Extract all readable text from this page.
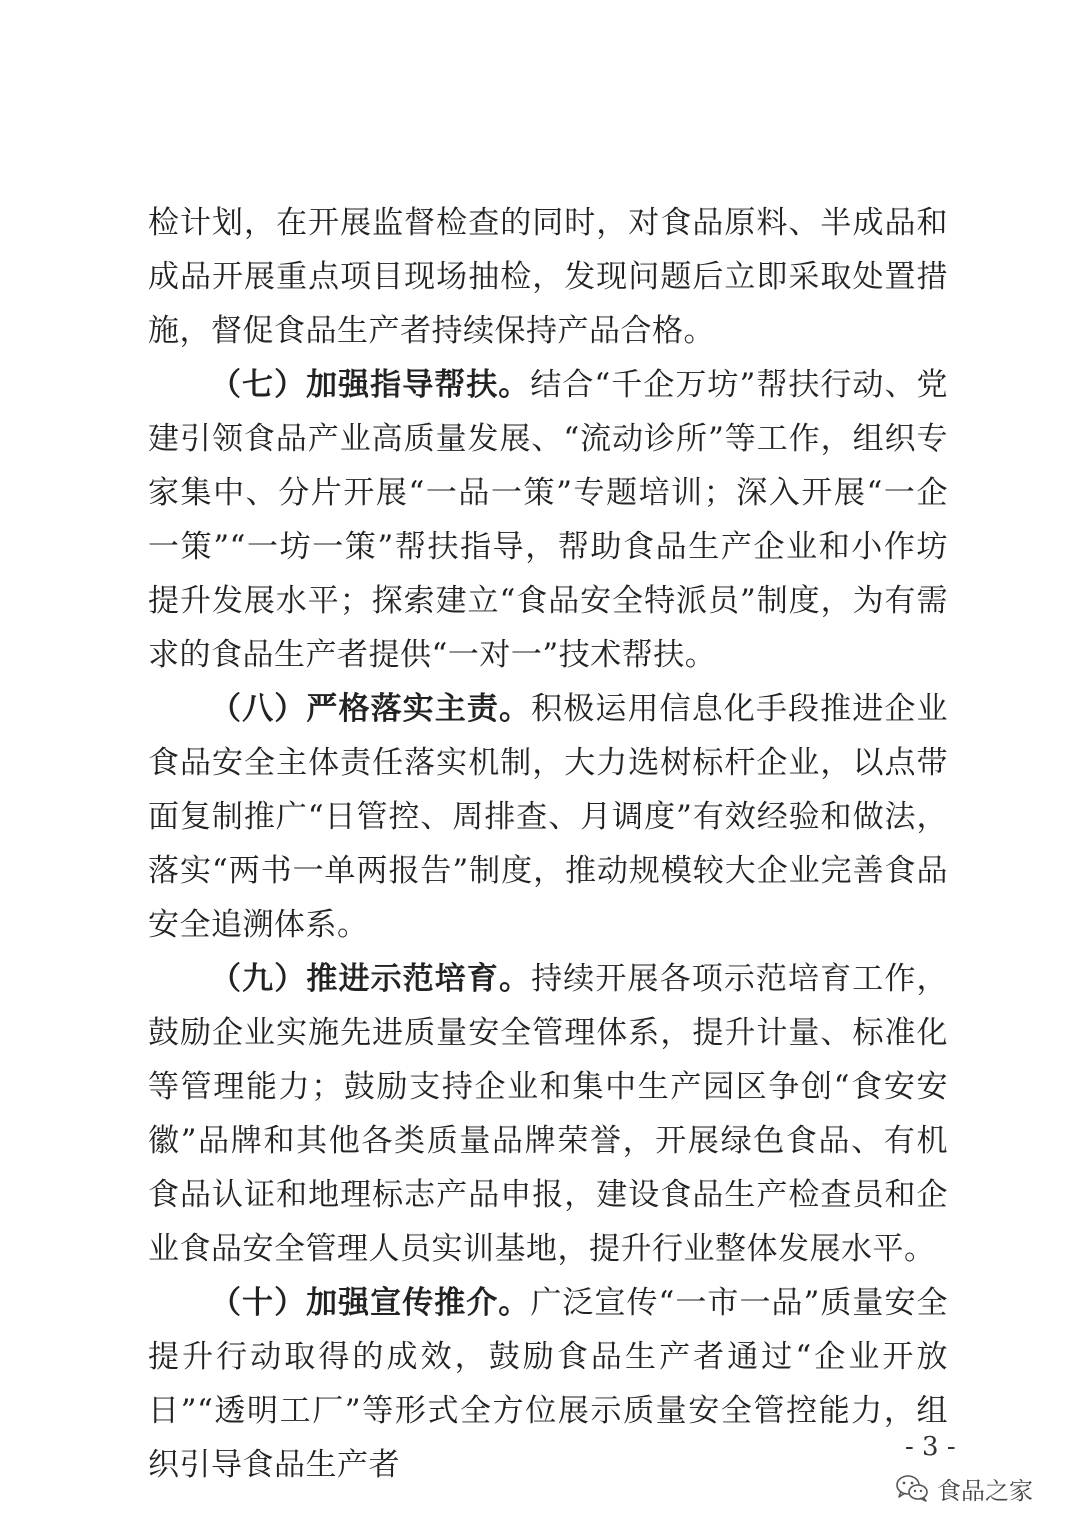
检计划，在开展监督检查的同时，对食品原料、半成品和成品开展重点项目现场抽检，发现问题后立即采取处置措施，督促食品生产者持续保持产品合格。

（七）加强指导帮扶。结合“千企万坊”帮扶行动、党建引领食品产业高质量发展、“流动诊所”等工作，组织专家集中、分片开展“一品一策”专题培训；深入开展“一企一策”“一坊一策”帮扶指导，帮助食品生产企业和小作坊提升发展水平；探索建立“食品安全特派员”制度，为有需求的食品生产者提供“一对一”技术帮扶。

（八）严格落实主责。积极运用信息化手段推进企业食品安全主体责任落实机制，大力选树标杆企业，以点带面复制推广“日管控、周排查、月调度”有效经验和做法，落实“两书一单两报告”制度，推动规模较大企业完善食品安全追溯体系。

（九）推进示范培育。持续开展各项示范培育工作，鼓励企业实施先进质量安全管理体系，提升计量、标准化等管理能力；鼓励支持企业和集中生产园区争创“食安安徽”品牌和其他各类质量品牌荣誉，开展绿色食品、有机食品认证和地理标志产品申报，建设食品生产检查员和企业食品安全管理人员实训基地，提升行业整体发展水平。

（十）加强宣传推介。广泛宣传“一市一品”质量安全提升行动取得的成效，鼓励食品生产者通过“企业开放日”“透明工厂”等形式全方位展示质量安全管控能力，组织引导食品生产者	- 3 -
食品之家
